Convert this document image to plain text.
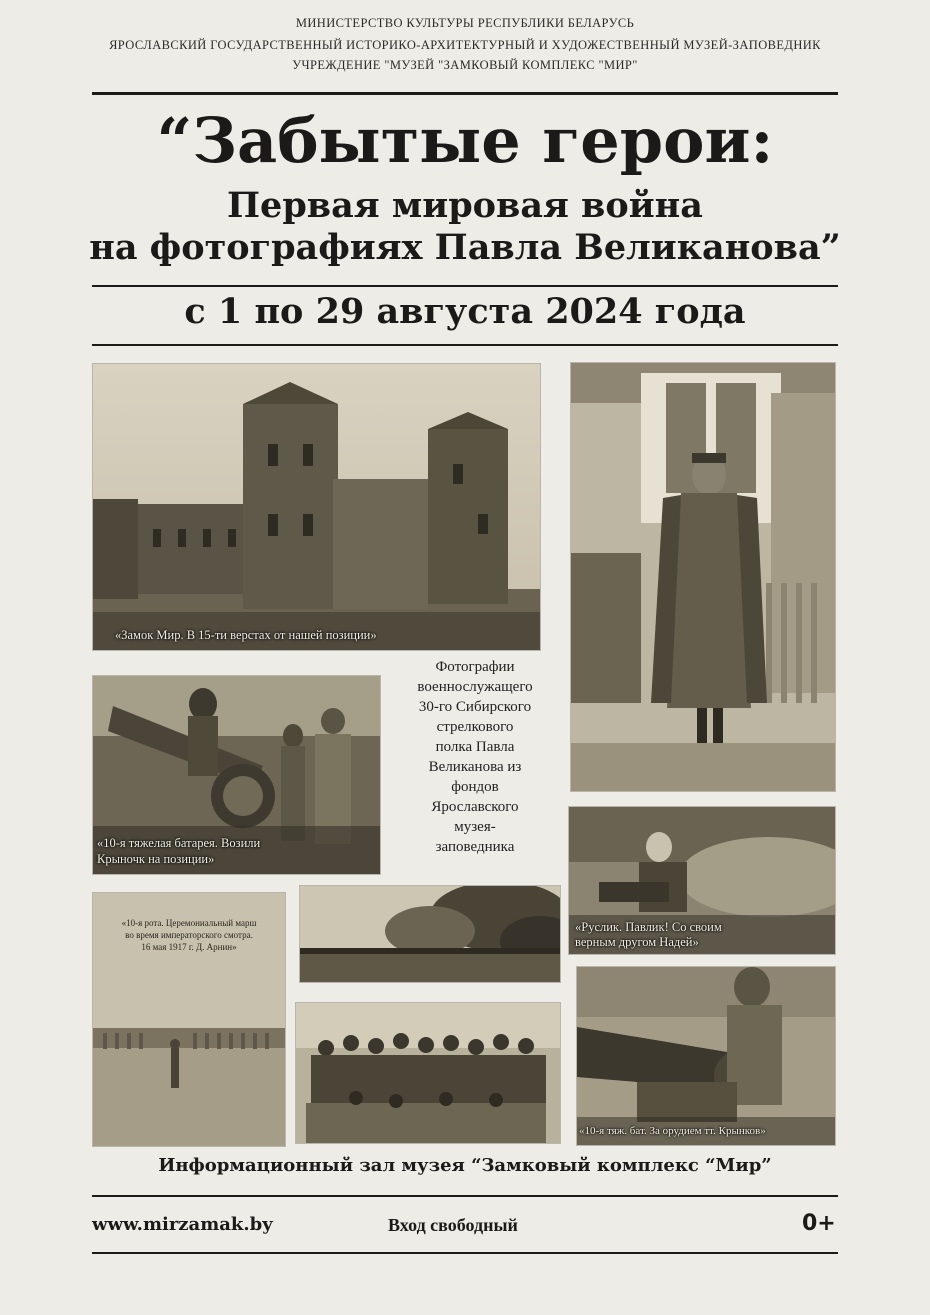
МИНИСТЕРСТВО КУЛЬТУРЫ РЕСПУБЛИКИ БЕЛАРУСЬ
ЯРОСЛАВСКИЙ ГОСУДАРСТВЕННЫЙ ИСТОРИКО-АРХИТЕКТУРНЫЙ И ХУДОЖЕСТВЕННЫЙ МУЗЕЙ-ЗАПОВЕДНИК
УЧРЕЖДЕНИЕ "МУЗЕЙ "ЗАМКОВЫЙ КОМПЛЕКС "МИР"
“Забытые герои:
Первая мировая война
на фотографиях Павла Великанова”
с 1 по 29 августа 2024 года
«Замок Мир. В 15-ти верстах от нашей позиции»
«10-я тяжелая батарея. Возили
Крыночк на позиции»
Фотографии
военнослужащего
30-го Сибирского
стрелкового
полка Павла
Великанова из
фондов
Ярославского
музея-
заповедника
«Руслик. Павлик! Со своим
верным другом Надей»
«10-я рота. Церемониальный марш
во время императорского смотра.
16 мая 1917 г. Д. Арнин»
«10-я тяж. бат. За орудием тт. Крынков»
Информационный зал музея “Замковый комплекс “Мир”
www.mirzamak.by	Вход свободный	0+
